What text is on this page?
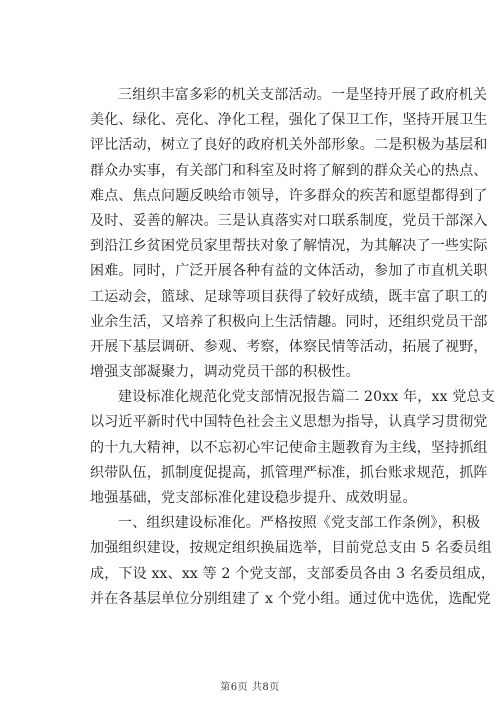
三组织丰富多彩的机关支部活动。一是坚持开展了政府机关
美化、绿化、亮化、净化工程，强化了保卫工作，坚持开展卫生
评比活动，树立了良好的政府机关外部形象。二是积极为基层和
群众办实事，有关部门和科室及时将了解到的群众关心的热点、
难点、焦点问题反映给市领导，许多群众的疾苦和愿望都得到了
及时、妥善的解决。三是认真落实对口联系制度，党员干部深入
到沿江乡贫困党员家里帮扶对象了解情况，为其解决了一些实际
困难。同时，广泛开展各种有益的文体活动，参加了市直机关职
工运动会，篮球、足球等项目获得了较好成绩，既丰富了职工的
业余生活，又培养了积极向上生活情趣。同时，还组织党员干部
开展下基层调研、参观、考察，体察民情等活动，拓展了视野，
增强支部凝聚力，调动党员干部的积极性。
建设标准化规范化党支部情况报告篇二 20xx 年，xx 党总支
以习近平新时代中国特色社会主义思想为指导，认真学习贯彻党
的十九大精神，以不忘初心牢记使命主题教育为主线，坚持抓组
织带队伍，抓制度促提高，抓管理严标准，抓台账求规范，抓阵
地强基础，党支部标准化建设稳步提升、成效明显。
一、组织建设标准化。严格按照《党支部工作条例》，积极
加强组织建设，按规定组织换届选举，目前党总支由 5 名委员组
成，下设 xx、xx 等 2 个党支部，支部委员各由 3 名委员组成，
并在各基层单位分别组建了 x 个党小组。通过优中选优，选配党
第6页 共8页
